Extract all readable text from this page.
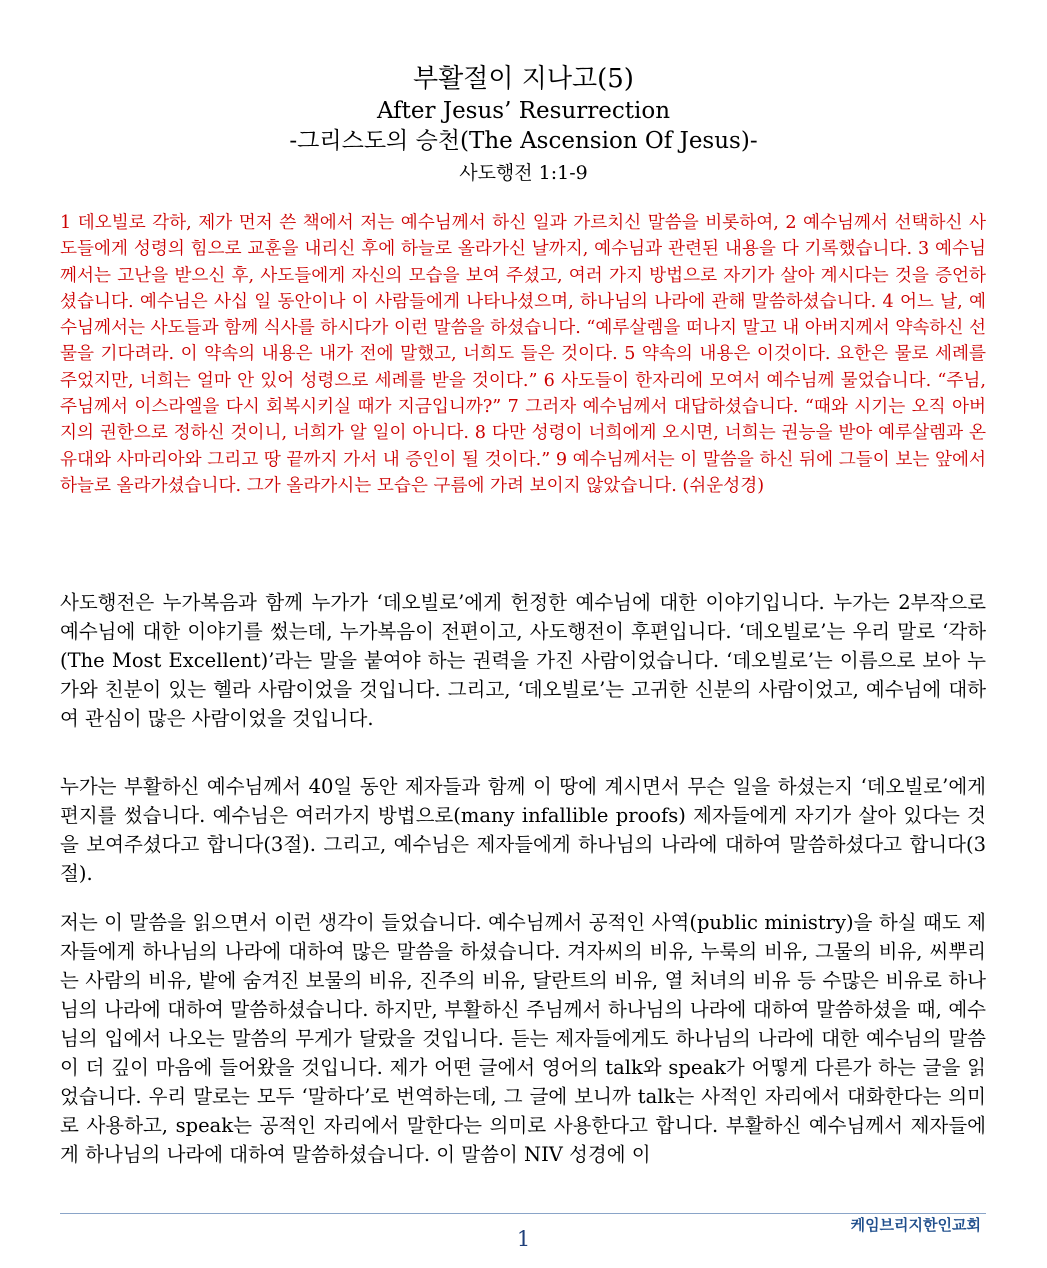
부활절이 지나고(5)
After Jesus’ Resurrection
-그리스도의 승천(The Ascension Of Jesus)-
사도행전 1:1-9

1 데오빌로 각하, 제가 먼저 쓴 책에서 저는 예수님께서 하신 일과 가르치신 말씀을 비롯하여, 2 예수님께서 선택하신 사도들에게 성령의 힘으로 교훈을 내리신 후에 하늘로 올라가신 날까지, 예수님과 관련된 내용을 다 기록했습니다. 3 예수님께서는 고난을 받으신 후, 사도들에게 자신의 모습을 보여 주셨고, 여러 가지 방법으로 자기가 살아 계시다는 것을 증언하셨습니다. 예수님은 사십 일 동안이나 이 사람들에게 나타나셨으며, 하나님의 나라에 관해 말씀하셨습니다. 4 어느 날, 예수님께서는 사도들과 함께 식사를 하시다가 이런 말씀을 하셨습니다. “예루살렘을 떠나지 말고 내 아버지께서 약속하신 선물을 기다려라. 이 약속의 내용은 내가 전에 말했고, 너희도 들은 것이다. 5 약속의 내용은 이것이다. 요한은 물로 세례를 주었지만, 너희는 얼마 안 있어 성령으로 세례를 받을 것이다.” 6 사도들이 한자리에 모여서 예수님께 물었습니다. “주님, 주님께서 이스라엘을 다시 회복시키실 때가 지금입니까?” 7 그러자 예수님께서 대답하셨습니다. “때와 시기는 오직 아버지의 권한으로 정하신 것이니, 너희가 알 일이 아니다. 8 다만 성령이 너희에게 오시면, 너희는 권능을 받아 예루살렘과 온 유대와 사마리아와 그리고 땅 끝까지 가서 내 증인이 될 것이다.” 9 예수님께서는 이 말씀을 하신 뒤에 그들이 보는 앞에서 하늘로 올라가셨습니다. 그가 올라가시는 모습은 구름에 가려 보이지 않았습니다. (쉬운성경)

사도행전은 누가복음과 함께 누가가 ‘데오빌로’에게 헌정한 예수님에 대한 이야기입니다. 누가는 2부작으로 예수님에 대한 이야기를 썼는데, 누가복음이 전편이고, 사도행전이 후편입니다. ‘데오빌로’는 우리 말로 ‘각하(The Most Excellent)’라는 말을 붙여야 하는 권력을 가진 사람이었습니다. ‘데오빌로’는 이름으로 보아 누가와 친분이 있는 헬라 사람이었을 것입니다. 그리고, ‘데오빌로’는 고귀한 신분의 사람이었고, 예수님에 대하여 관심이 많은 사람이었을 것입니다.

누가는 부활하신 예수님께서 40일 동안 제자들과 함께 이 땅에 계시면서 무슨 일을 하셨는지 ‘데오빌로’에게 편지를 썼습니다. 예수님은 여러가지 방법으로(many infallible proofs) 제자들에게 자기가 살아 있다는 것을 보여주셨다고 합니다(3절). 그리고, 예수님은 제자들에게 하나님의 나라에 대하여 말씀하셨다고 합니다(3절).

저는 이 말씀을 읽으면서 이런 생각이 들었습니다. 예수님께서 공적인 사역(public ministry)을 하실 때도 제자들에게 하나님의 나라에 대하여 많은 말씀을 하셨습니다. 겨자씨의 비유, 누룩의 비유, 그물의 비유, 씨뿌리는 사람의 비유, 밭에 숨겨진 보물의 비유, 진주의 비유, 달란트의 비유, 열 처녀의 비유 등 수많은 비유로 하나님의 나라에 대하여 말씀하셨습니다. 하지만, 부활하신 주님께서 하나님의 나라에 대하여 말씀하셨을 때, 예수님의 입에서 나오는 말씀의 무게가 달랐을 것입니다. 듣는 제자들에게도 하나님의 나라에 대한 예수님의 말씀이 더 깊이 마음에 들어왔을 것입니다. 제가 어떤 글에서 영어의 talk와 speak가 어떻게 다른가 하는 글을 읽었습니다. 우리 말로는 모두 ‘말하다’로 번역하는데, 그 글에 보니까 talk는 사적인 자리에서 대화한다는 의미로 사용하고, speak는 공적인 자리에서 말한다는 의미로 사용한다고 합니다. 부활하신 예수님께서 제자들에게 하나님의 나라에 대하여 말씀하셨습니다. 이 말씀이 NIV 성경에 이

케임브리지한인교회
1
